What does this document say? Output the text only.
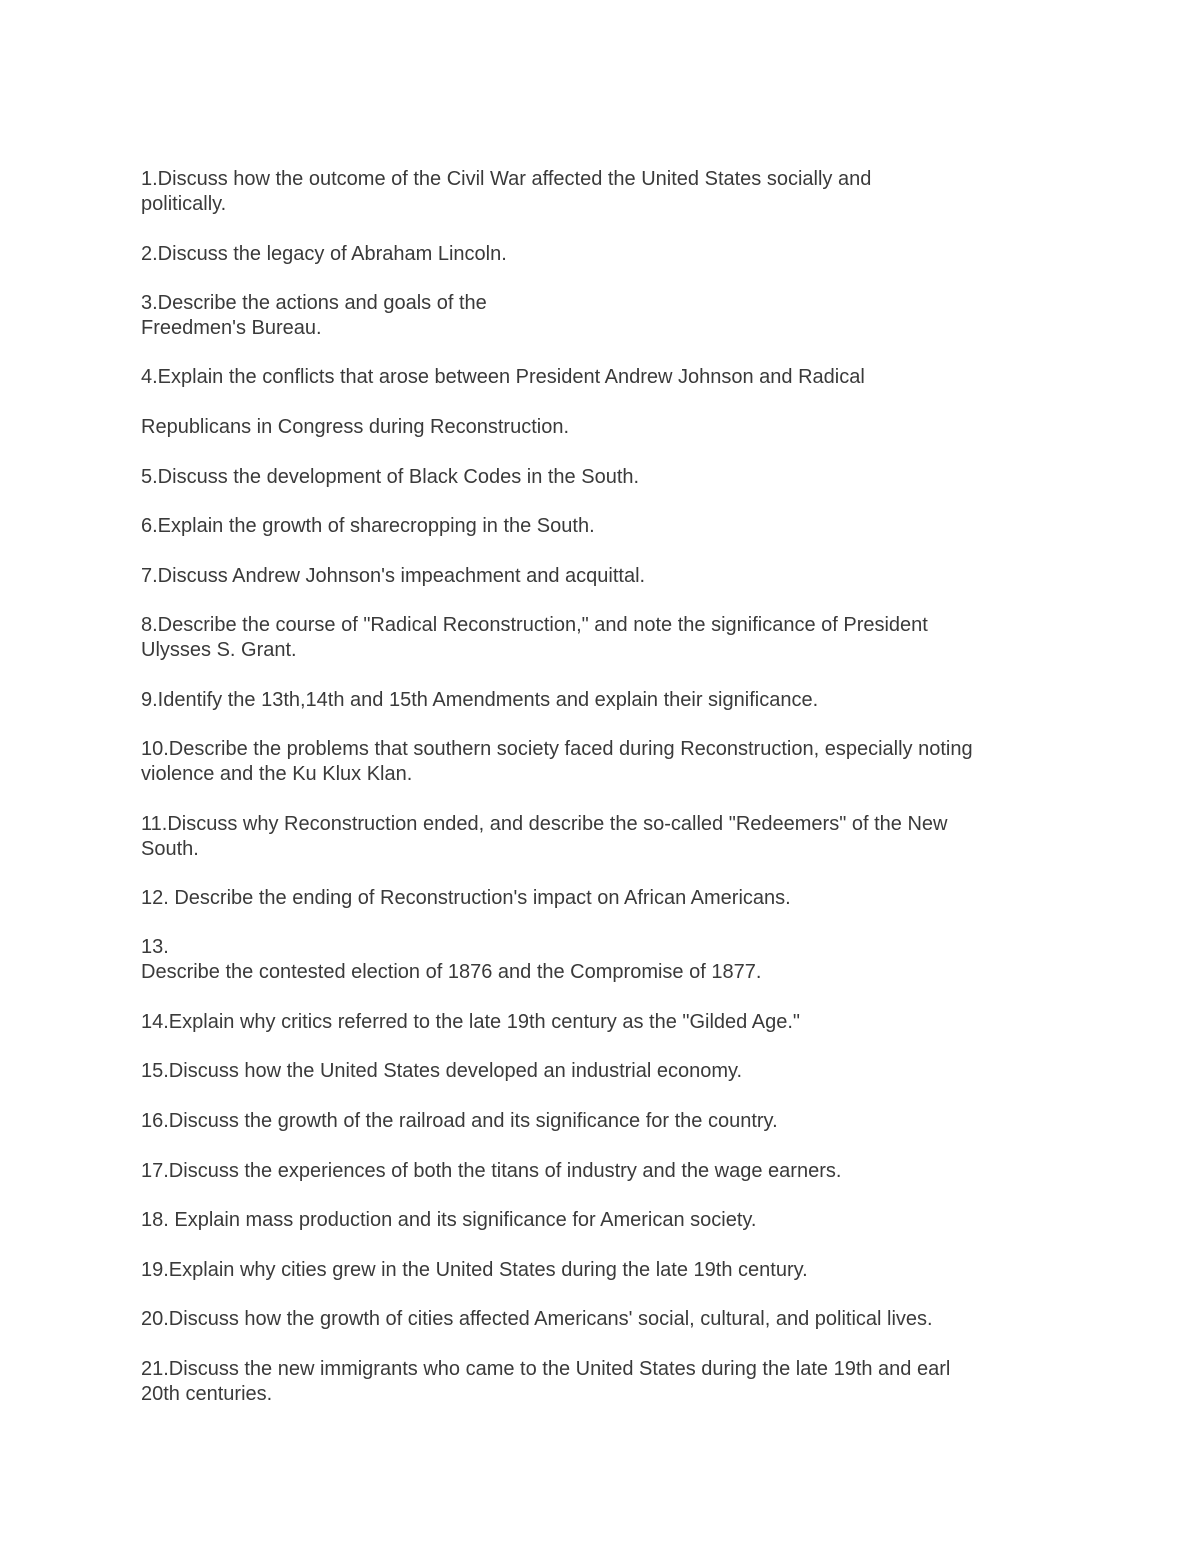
1.Discuss how the outcome of the Civil War affected the United States socially and
politically.
2.Discuss the legacy of Abraham Lincoln.
3.Describe the actions and goals of the
Freedmen's Bureau.
4.Explain the conflicts that arose between President Andrew Johnson and Radical
Republicans in Congress during Reconstruction.
5.Discuss the development of Black Codes in the South.
6.Explain the growth of sharecropping in the South.
7.Discuss Andrew Johnson's impeachment and acquittal.
8.Describe the course of "Radical Reconstruction," and note the significance of President
Ulysses S. Grant.
9.Identify the 13th,14th and 15th Amendments and explain their significance.
10.Describe the problems that southern society faced during Reconstruction, especially noting
violence and the Ku Klux Klan.
11.Discuss why Reconstruction ended, and describe the so-called "Redeemers" of the New
South.
12. Describe the ending of Reconstruction's impact on African Americans.
13.
Describe the contested election of 1876 and the Compromise of 1877.
14.Explain why critics referred to the late 19th century as the "Gilded Age."
15.Discuss how the United States developed an industrial economy.
16.Discuss the growth of the railroad and its significance for the country.
17.Discuss the experiences of both the titans of industry and the wage earners.
18. Explain mass production and its significance for American society.
19.Explain why cities grew in the United States during the late 19th century.
20.Discuss how the growth of cities affected Americans' social, cultural, and political lives.
21.Discuss the new immigrants who came to the United States during the late 19th and earl
20th centuries.
